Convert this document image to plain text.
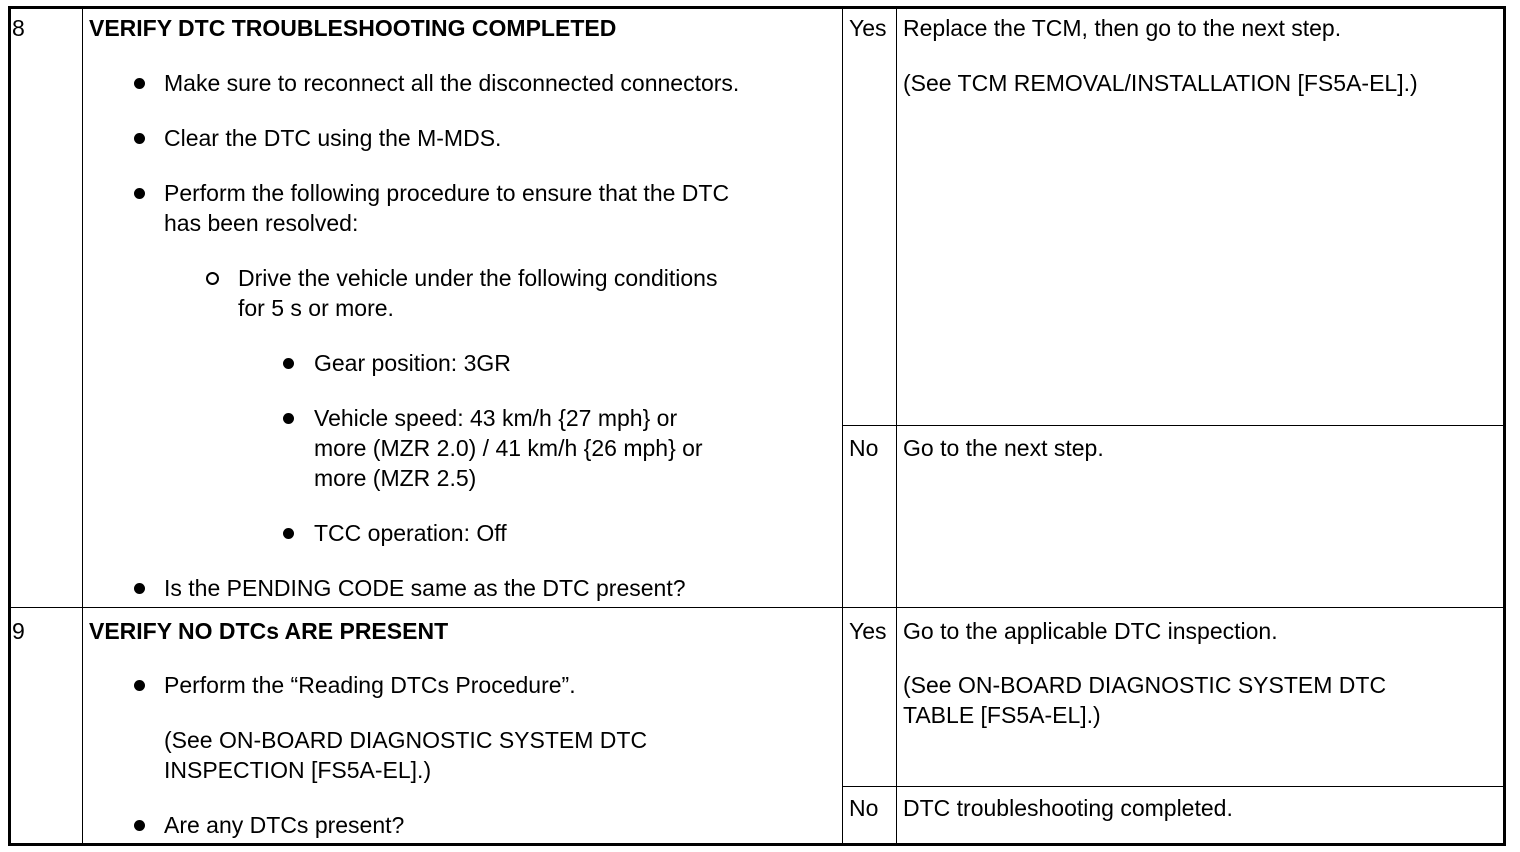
8	VERIFY DTC TROUBLESHOOTING COMPLETED
Make sure to reconnect all the disconnected connectors.
Clear the DTC using the M-MDS.
Perform the following procedure to ensure that the DTC
has been resolved:
Drive the vehicle under the following conditions
for 5 s or more.
Gear position: 3GR
Vehicle speed: 43 km/h {27 mph} or
more (MZR 2.0) / 41 km/h {26 mph} or
more (MZR 2.5)
TCC operation: Off
Is the PENDING CODE same as the DTC present?
Yes Replace the TCM, then go to the next step.
(See TCM REMOVAL/INSTALLATION [FS5A-EL].)
No Go to the next step.
9	VERIFY NO DTCs ARE PRESENT
Perform the “Reading DTCs Procedure”.
(See ON-BOARD DIAGNOSTIC SYSTEM DTC
INSPECTION [FS5A-EL].)
Are any DTCs present?
Yes Go to the applicable DTC inspection.
(See ON-BOARD DIAGNOSTIC SYSTEM DTC
TABLE [FS5A-EL].)
No DTC troubleshooting completed.
